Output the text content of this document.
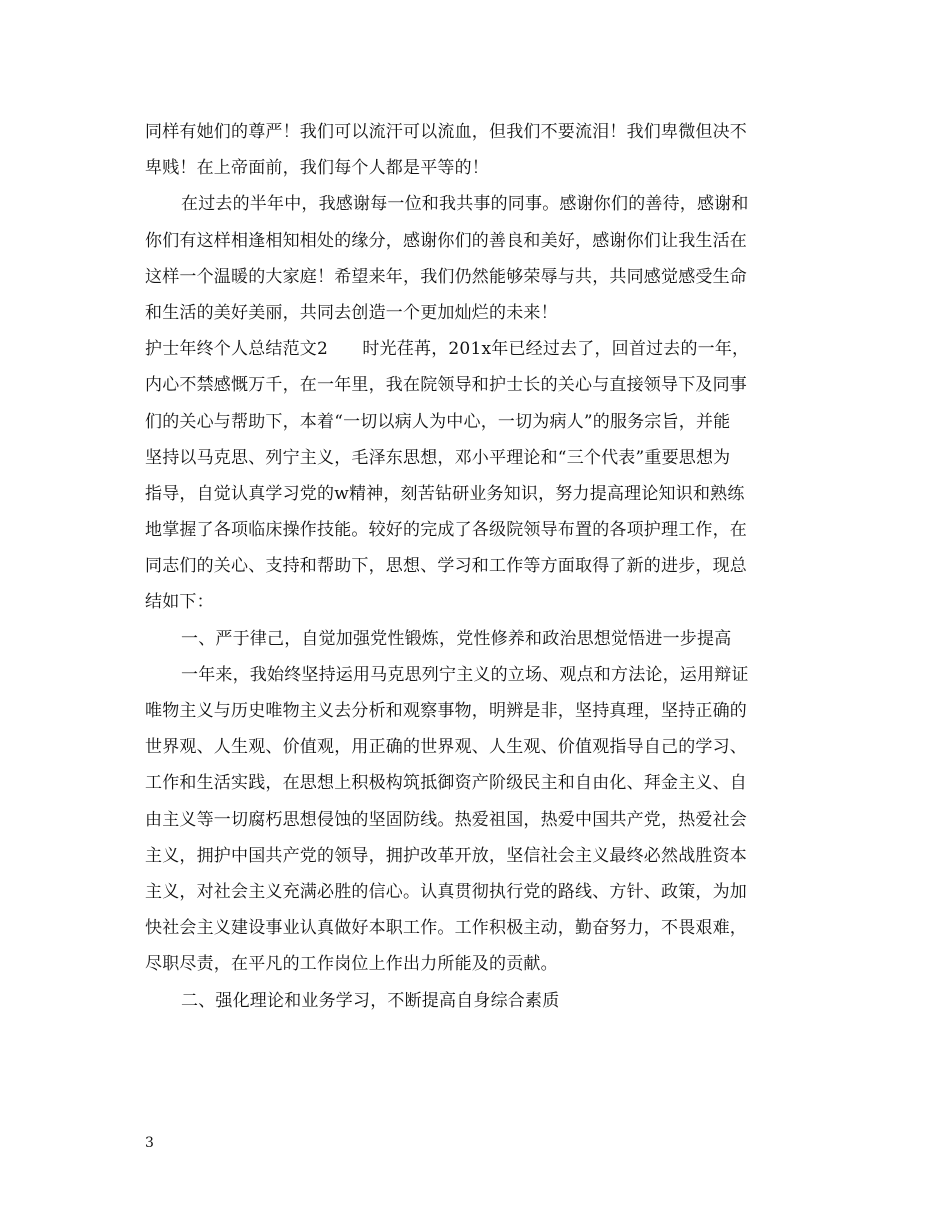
同样有她们的尊严！我们可以流汗可以流血，但我们不要流泪！我们卑微但决不
卑贱！在上帝面前，我们每个人都是平等的！
在过去的半年中，我感谢每一位和我共事的同事。感谢你们的善待，感谢和
你们有这样相逢相知相处的缘分，感谢你们的善良和美好，感谢你们让我生活在
这样一个温暖的大家庭！希望来年，我们仍然能够荣辱与共，共同感觉感受生命
和生活的美好美丽，共同去创造一个更加灿烂的未来！
护士年终个人总结范文2　　时光荏苒，201x年已经过去了，回首过去的一年，
内心不禁感慨万千，在一年里，我在院领导和护士长的关心与直接领导下及同事
们的关心与帮助下，本着“一切以病人为中心，一切为病人”的服务宗旨，并能
坚持以马克思、列宁主义，毛泽东思想，邓小平理论和“三个代表”重要思想为
指导，自觉认真学习党的w精神，刻苦钻研业务知识，努力提高理论知识和熟练
地掌握了各项临床操作技能。较好的完成了各级院领导布置的各项护理工作，在
同志们的关心、支持和帮助下，思想、学习和工作等方面取得了新的进步，现总
结如下：
一、严于律己，自觉加强党性锻炼，党性修养和政治思想觉悟进一步提高
一年来，我始终坚持运用马克思列宁主义的立场、观点和方法论，运用辩证
唯物主义与历史唯物主义去分析和观察事物，明辨是非，坚持真理，坚持正确的
世界观、人生观、价值观，用正确的世界观、人生观、价值观指导自己的学习、
工作和生活实践，在思想上积极构筑抵御资产阶级民主和自由化、拜金主义、自
由主义等一切腐朽思想侵蚀的坚固防线。热爱祖国，热爱中国共产党，热爱社会
主义，拥护中国共产党的领导，拥护改革开放，坚信社会主义最终必然战胜资本
主义，对社会主义充满必胜的信心。认真贯彻执行党的路线、方针、政策，为加
快社会主义建设事业认真做好本职工作。工作积极主动，勤奋努力，不畏艰难，
尽职尽责，在平凡的工作岗位上作出力所能及的贡献。
二、强化理论和业务学习，不断提高自身综合素质
3
